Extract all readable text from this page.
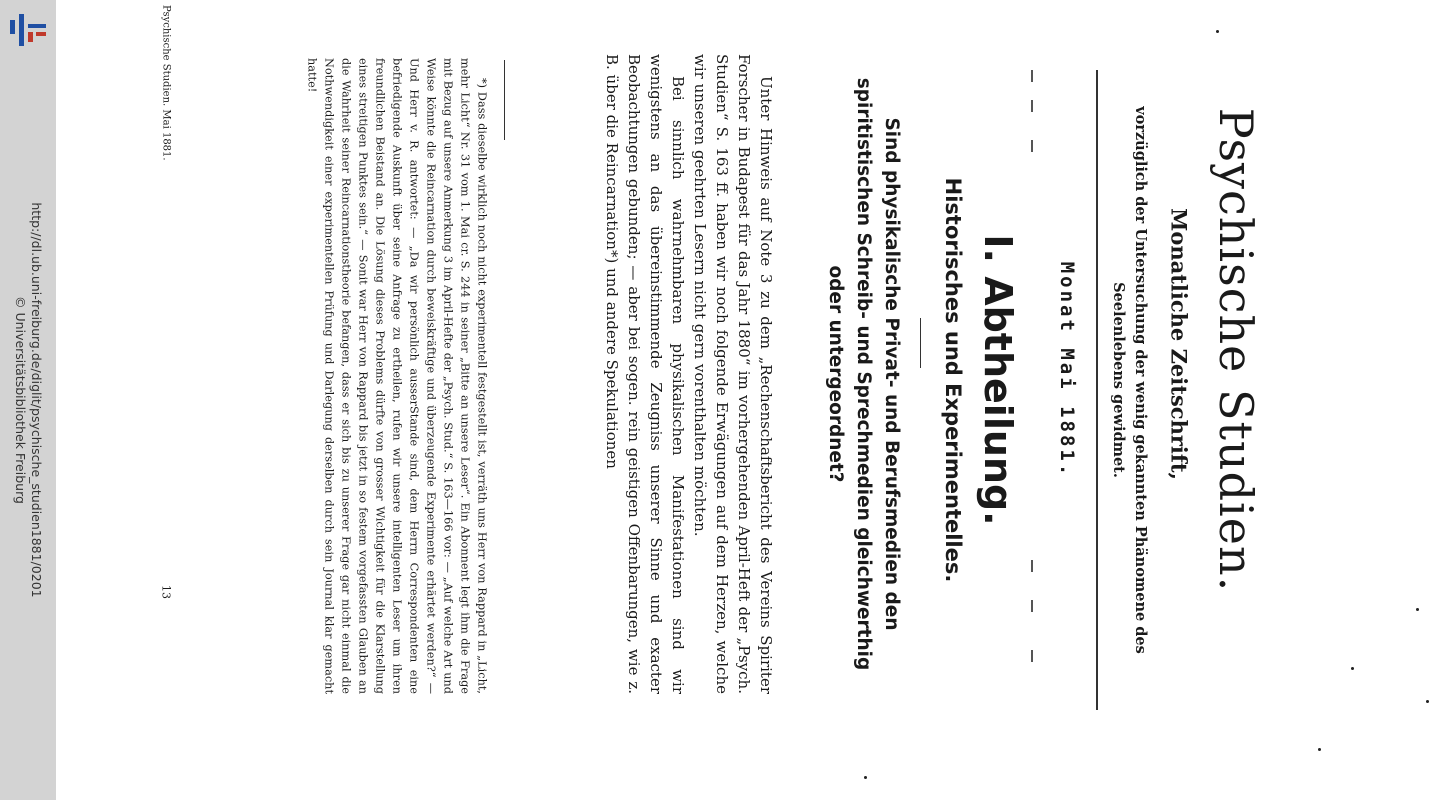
http://dl.ub.uni-freiburg.de/diglit/psychische_studien1881/0201
© Universitätsbibliothek Freiburg	Psychische Studien.
Monatliche Zeitschrift,
vorzüglich der Untersuchung der wenig gekannten Phänomene des Seelenlebens gewidmet.
Monat Mai 1881.
I. Abtheilung.
Historisches und Experimentelles.
Sind physikalische Privat- und Berufsmedien den spiritistischen Schreib- und Sprechmedien gleichwerthig oder untergeordnet?

Unter Hinweis auf Note 3 zu dem „Rechenschaftsbericht des Vereins Spiriter Forscher in Budapest für das Jahr 1880“ im vorhergehenden April-Heft der „Psych. Studien“ S. 163 ff. haben wir noch folgende Erwägungen auf dem Herzen, welche wir unseren geehrten Lesern nicht gern vorenthalten möchten.

Bei sinnlich wahrnehmbaren physikalischen Manifestationen sind wir wenigstens an das übereinstimmende Zeugniss unserer Sinne und exacter Beobachtungen gebunden; — aber bei sogen. rein geistigen Offenbarungen, wie z. B. über die Reincarnation*) und andere Spekulationen

*) Dass dieselbe wirklich noch nicht experimentell festgestellt ist, verräth uns Herr von Rappard in „Licht, mehr Licht“ Nr. 31 vom 1. Mai cr. S. 244 in seiner „Bitte an unsere Leser“. Ein Abonnent legt ihm die Frage mit Bezug auf unsere Anmerkung 3 im April-Hefte der „Psych. Stud.“ S. 163—166 vor: — „Auf welche Art und Weise könnte die Reincarnation durch beweiskräftige und überzeugende Experimente erhärtet werden?“ — Und Herr v. R. antwortet: — „Da wir persönlich ausserStande sind, dem Herrn Correspondenten eine befriedigende Auskunft über seine Anfrage zu ertheilen, rufen wir unsere intelligenten Leser um ihren freundlichen Beistand an. Die Lösung dieses Problems dürfte von grosser Wichtigkeit für die Klarstellung eines streitigen Punktes sein.“ — Sonit war Herr von Rappard bis jetzt in so festem vorgefassten Glauben an die Wahrheit seiner Reincarnationstheorie befangen, dass er sich bis zu unserer Frage gar nicht einmal die Nothwendigkeit einer experimentellen Prüfung und Darlegung derselben durch sein Journal klar gemacht hatte!

Psychische Studien. Mai 1881.
13
